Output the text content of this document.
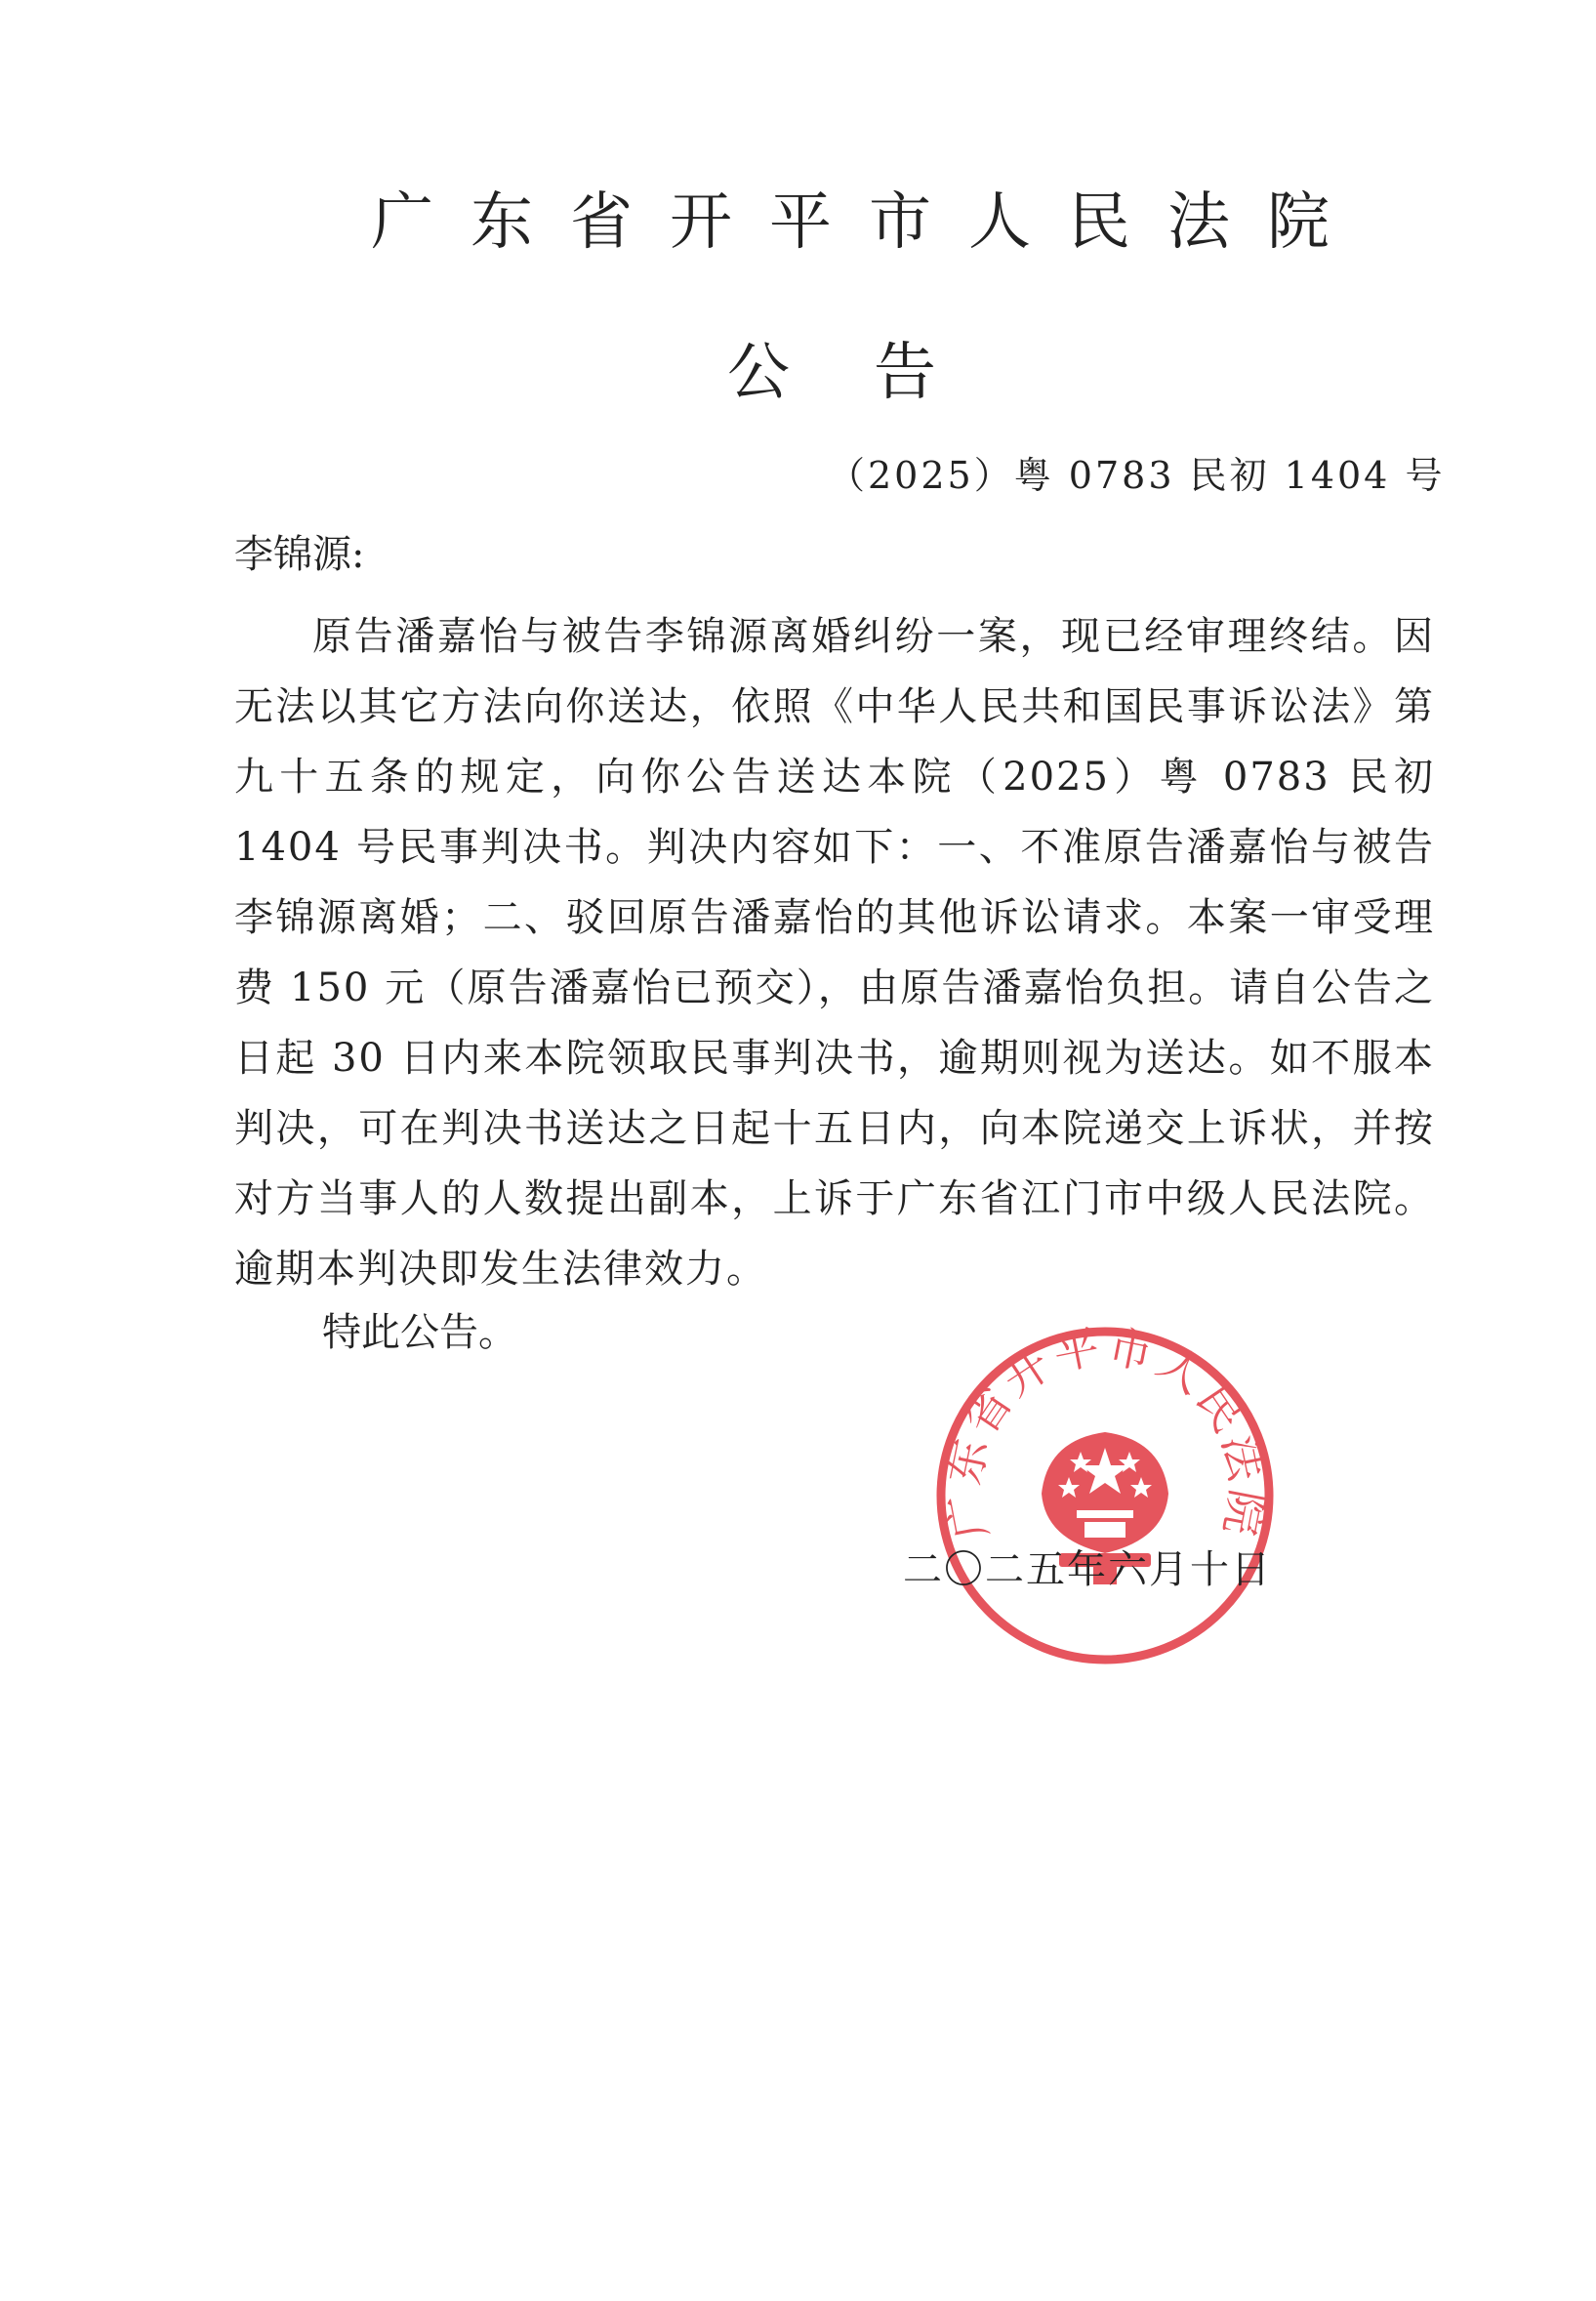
广东省开平市人民法院
公告
（2025）粤 0783 民初 1404 号
李锦源:

原告潘嘉怡与被告李锦源离婚纠纷一案，现已经审理终结。因无法以其它方法向你送达，依照《中华人民共和国民事诉讼法》第九十五条的规定，向你公告送达本院（2025）粤 0783 民初 1404 号民事判决书。判决内容如下：一、不准原告潘嘉怡与被告李锦源离婚；二、驳回原告潘嘉怡的其他诉讼请求。本案一审受理费 150 元（原告潘嘉怡已预交），由原告潘嘉怡负担。请自公告之日起 30 日内来本院领取民事判决书，逾期则视为送达。如不服本判决，可在判决书送达之日起十五日内，向本院递交上诉状，并按对方当事人的人数提出副本，上诉于广东省江门市中级人民法院。逾期本判决即发生法律效力。

特此公告。
广东省开平市人民法院
二〇二五年六月十日
